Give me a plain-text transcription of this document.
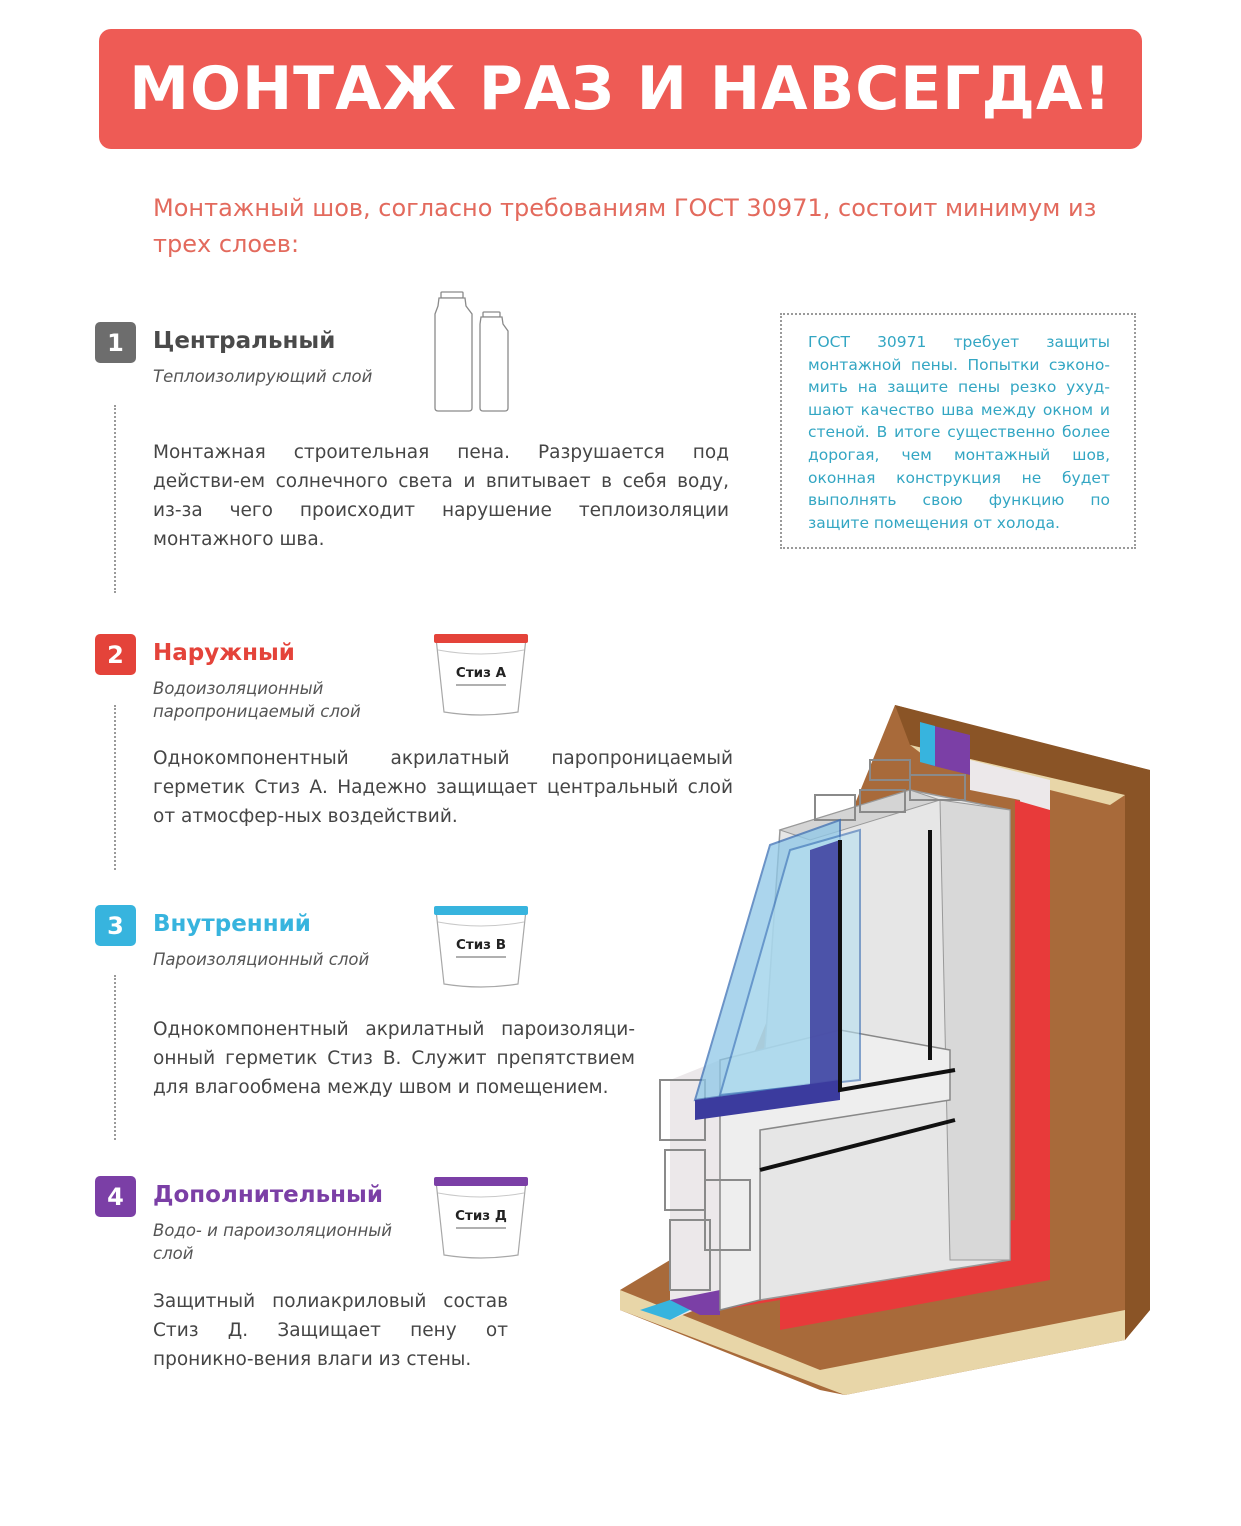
МОНТАЖ РАЗ И НАВСЕГДА!
Монтажный шов, согласно требованиям ГОСТ 30971, состоит минимум из трех слоев:
1	Центральный
Теплоизолирующий слой
Монтажная строительная пена. Разрушается под действи-ем солнечного света и впитывает в себя воду, из-за чего происходит нарушение теплоизоляции монтажного шва.

ГОСТ 30971 требует защиты монтажной пены. Попытки сэконо-мить на защите пены резко ухуд-шают качество шва между окном и стеной. В итоге существенно более дорогая, чем монтажный шов, оконная конструкция не будет выполнять свою функцию по защите помещения от холода.

2	Наружный
Водоизоляционный паропроницаемый слой
Однокомпонентный акрилатный паропроницаемый герметик Стиз А. Надежно защищает центральный слой от атмосфер-ных воздействий.
Стиз А
3	Внутренний
Пароизоляционный слой
Однокомпонентный акрилатный пароизоляци-онный герметик Стиз В. Служит препятствием для влагообмена между швом и помещением.
Стиз В
4	Дополнительный
Водо- и пароизоляционный слой
Защитный полиакриловый состав Стиз Д. Защищает пену от проникно-вения влаги из стены.
Стиз Д
